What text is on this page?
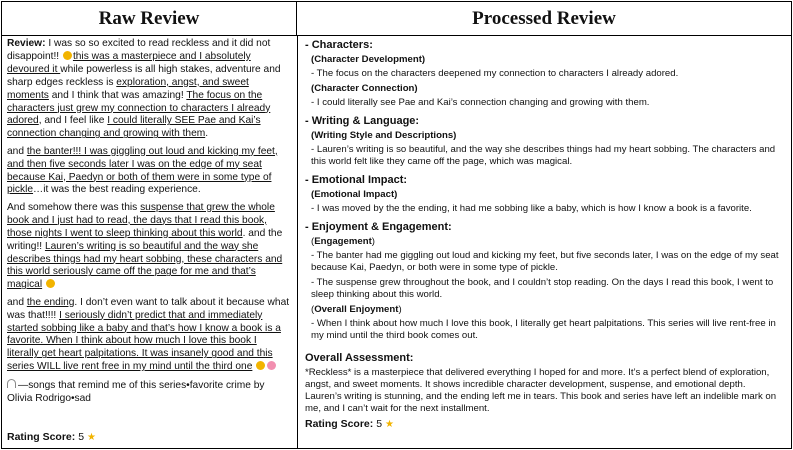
Raw Review	Processed Review

Review: I was so so excited to read reckless and it did not disappoint!! this was a masterpiece and I absolutely devoured it while powerless is all high stakes, adventure and sharp edges reckless is exploration, angst, and sweet moments and I think that was amazing! The focus on the characters just grew my connection to characters I already adored, and I feel like I could literally SEE Pae and Kai’s connection changing and growing with them.

and the banter!!! I was giggling out loud and kicking my feet, and then five seconds later I was on the edge of my seat because Kai, Paedyn or both of them were in some type of pickle…it was the best reading experience.

And somehow there was this suspense that grew the whole book and I just had to read, the days that I read this book, those nights I went to sleep thinking about this world. and the writing!! Lauren’s writing is so beautiful and the way she describes things had my heart sobbing, these characters and this world seriously came off the page for me and that’s magical

and the ending. I don’t even want to talk about it because what was that!!!! I seriously didn’t predict that and immediately started sobbing like a baby and that’s how I know a book is a favorite. When I think about how much I love this book I literally get heart palpitations. It was insanely good and this series WILL live rent free in my mind until the third one

—songs that remind me of this series•favorite crime by Olivia Rodrigo•sad

Rating Score: 5 ★
- Characters:
(Character Development)
- The focus on the characters deepened my connection to characters I already adored.
(Character Connection)
- I could literally see Pae and Kai’s connection changing and growing with them.
- Writing & Language:
(Writing Style and Descriptions)
- Lauren’s writing is so beautiful, and the way she describes things had my heart sobbing. The characters and this world felt like they came off the page, which was magical.
- Emotional Impact:
(Emotional Impact)
- I was moved by the the ending, it had me sobbing like a baby, which is how I know a book is a favorite.
- Enjoyment & Engagement:
(Engagement)
- The banter had me giggling out loud and kicking my feet, but five seconds later, I was on the edge of my seat because Kai, Paedyn, or both were in some type of pickle.
- The suspense grew throughout the book, and I couldn’t stop reading. On the days I read this book, I went to sleep thinking about this world.
(Overall Enjoyment)
- When I think about how much I love this book, I literally get heart palpitations. This series will live rent-free in my mind until the third book comes out.
Overall Assessment:
*Reckless* is a masterpiece that delivered everything I hoped for and more. It’s a perfect blend of exploration, angst, and sweet moments. It shows incredible character development, suspense, and emotional depth. Lauren’s writing is stunning, and the ending left me in tears. This book and series have left an indelible mark on me, and I can’t wait for the next installment.
Rating Score: 5 ★
